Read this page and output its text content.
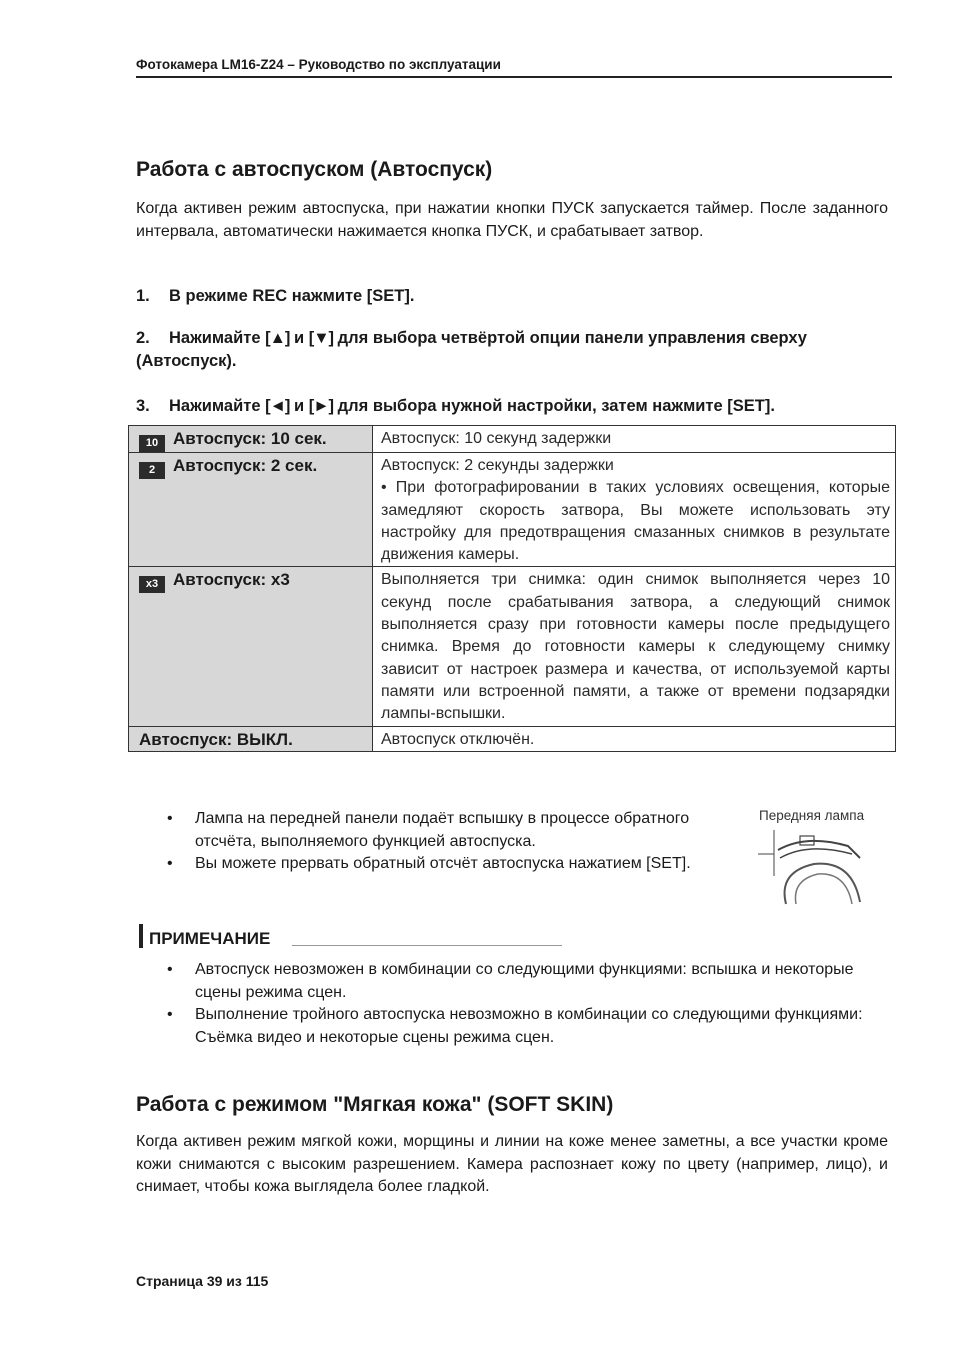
Фотокамера LM16-Z24 – Руководство по эксплуатации
Работа с автоспуском (Автоспуск)

Когда активен режим автоспуска, при нажатии кнопки ПУСК запускается таймер. После заданного интервала, автоматически нажимается кнопка ПУСК, и срабатывает затвор.

1. В режиме REC нажмите [SET].
2. Нажимайте [▲] и [▼] для выбора четвёртой опции панели управления сверху (Автоспуск).
3. Нажимайте [◄] и [►] для выбора нужной настройки, затем нажмите [SET].
10 Автоспуск: 10 сек.	Автоспуск: 10 секунд задержки
2 Автоспуск: 2 сек.	Автоспуск: 2 секунды задержки
• При фотографировании в таких условиях освещения, которые замедляют скорость затвора, Вы можете использовать эту настройку для предотвращения смазанных снимков в результате движения камеры.

x3 Автоспуск: x3	Выполняется три снимка: один снимок выполняется через 10 секунд после срабатывания затвора, а следующий снимок выполняется сразу при готовности камеры после предыдущего снимка. Время до готовности камеры к следующему снимку зависит от настроек размера и качества, от используемой карты памяти или встроенной памяти, а также от времени подзарядки лампы-вспышки.
Автоспуск: ВЫКЛ.	Автоспуск отключён.
• Лампа на передней панели подаёт вспышку в процессе обратного отсчёта, выполняемого функцией автоспуска.
• Вы можете прервать обратный отсчёт автоспуска нажатием [SET].
Передняя лампа
ПРИМЕЧАНИЕ
• Автоспуск невозможен в комбинации со следующими функциями: вспышка и некоторые сцены режима сцен.
• Выполнение тройного автоспуска невозможно в комбинации со следующими функциями: Съёмка видео и некоторые сцены режима сцен.
Работа с режимом "Мягкая кожа" (SOFT SKIN)

Когда активен режим мягкой кожи, морщины и линии на коже менее заметны, а все участки кроме кожи снимаются с высоким разрешением. Камера распознает кожу по цвету (например, лицо), и снимает, чтобы кожа выглядела более гладкой.

Страница 39 из 115
